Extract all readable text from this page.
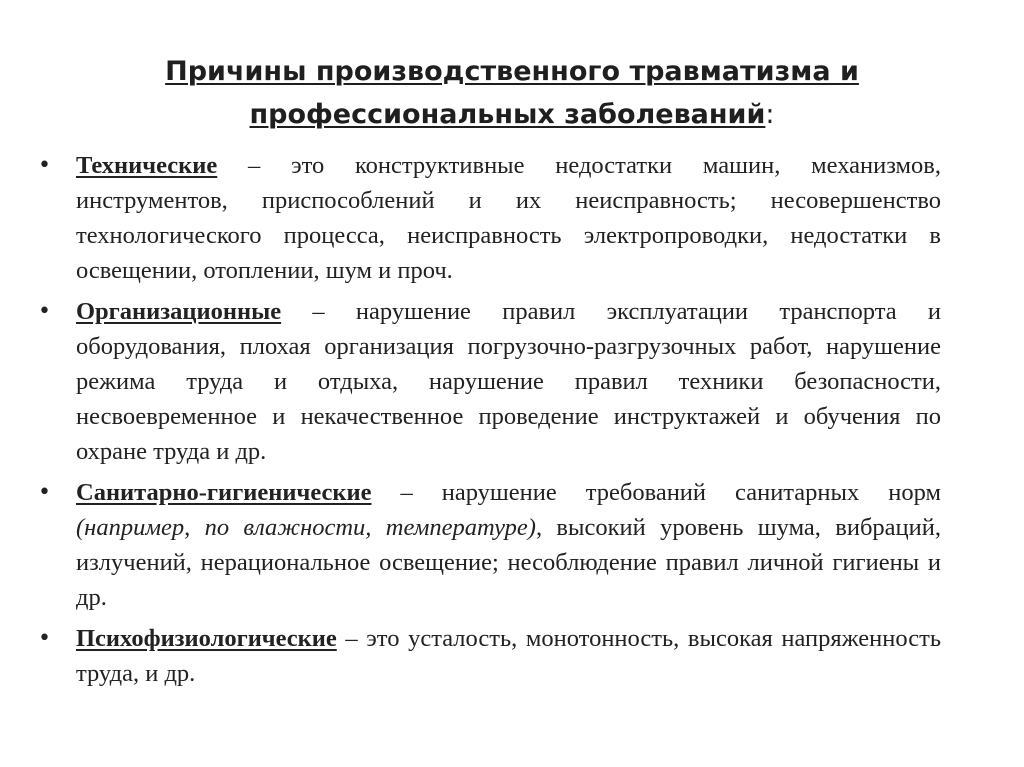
Причины производственного травматизма и
профессиональных заболеваний:
• Технические – это конструктивные недостатки машин, механизмов, инструментов, приспособлений и их неисправность; несовершенство технологического процесса, неисправность электропроводки, недостатки в освещении, отоплении, шум и проч.
• Организационные – нарушение правил эксплуатации транспорта и оборудования, плохая организация погрузочно-разгрузочных работ, нарушение режима труда и отдыха, нарушение правил техники безопасности, несвоевременное и некачественное проведение инструктажей и обучения по охране труда и др.
• Санитарно-гигиенические – нарушение требований санитарных норм (например, по влажности, температуре), высокий уровень шума, вибраций, излучений, нерациональное освещение; несоблюдение правил личной гигиены и др.
• Психофизиологические – это усталость, монотонность, высокая напряженность труда, и др.
